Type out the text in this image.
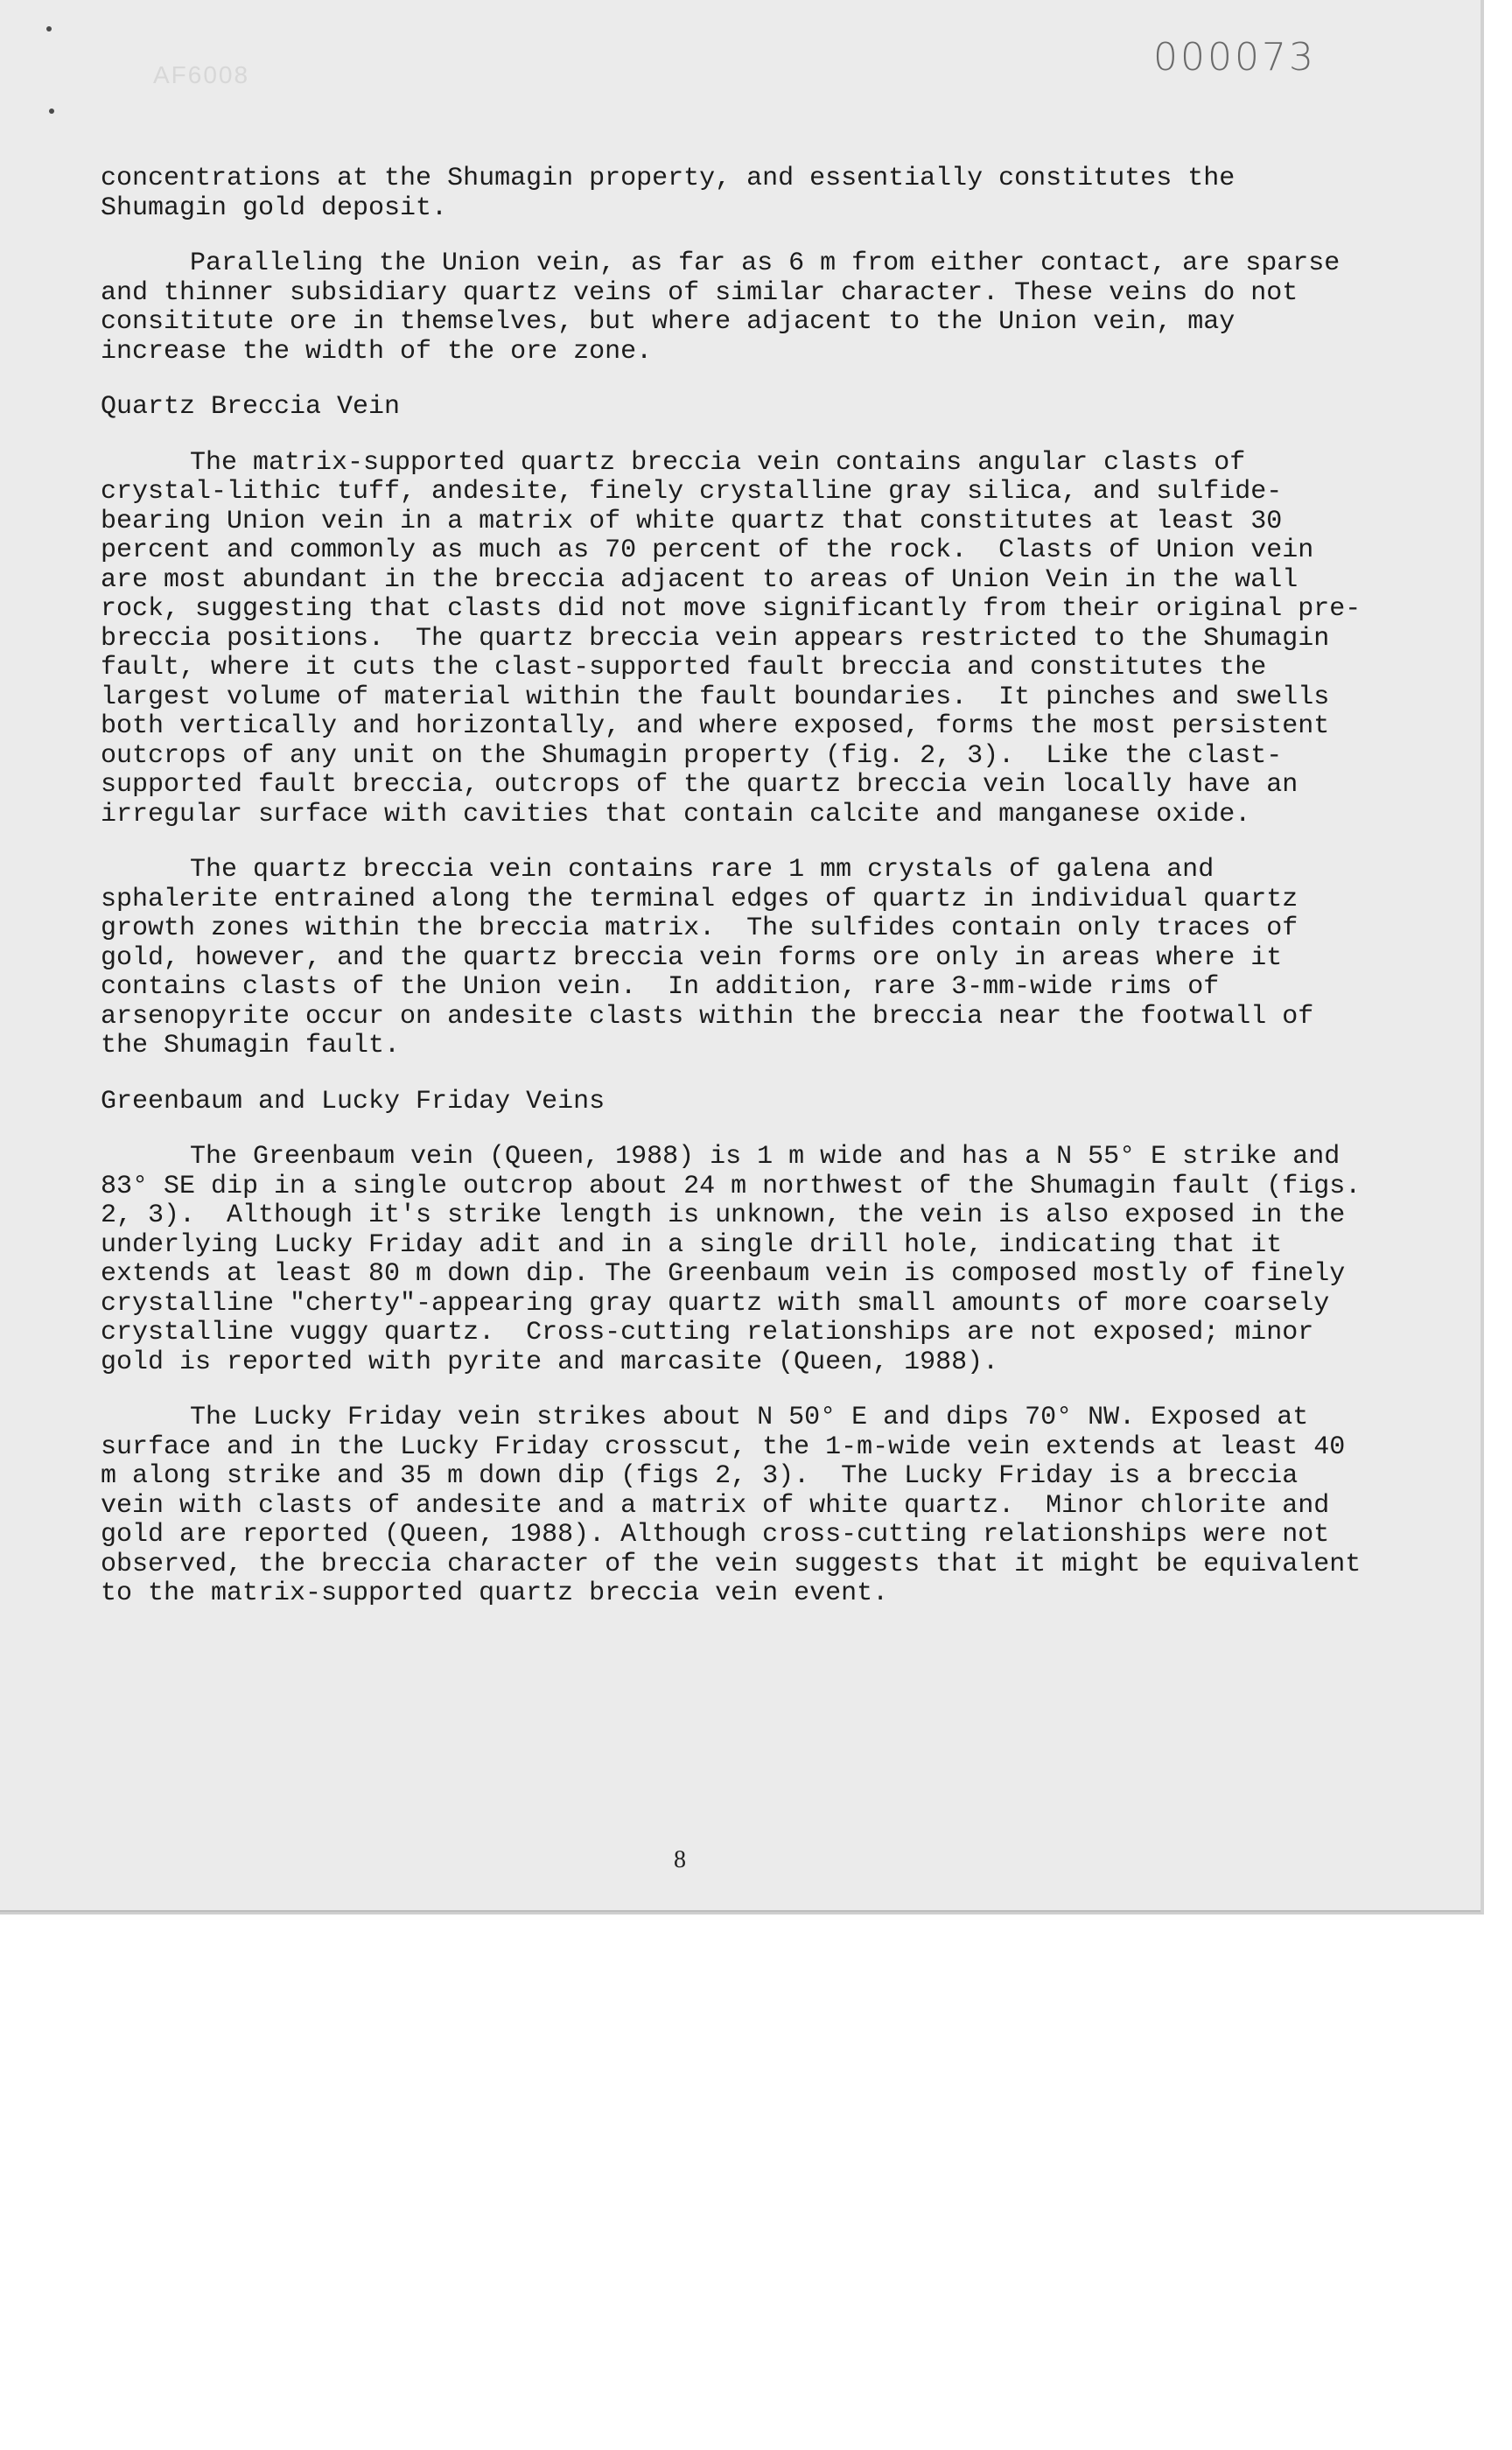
AF6008	000073

concentrations at the Shumagin property, and essentially constitutes the Shumagin gold deposit.

Paralleling the Union vein, as far as 6 m from either contact, are sparse and thinner subsidiary quartz veins of similar character. These veins do not consititute ore in themselves, but where adjacent to the Union vein, may increase the width of the ore zone.

Quartz Breccia Vein

The matrix-supported quartz breccia vein contains angular clasts of crystal-lithic tuff, andesite, finely crystalline gray silica, and sulfide-bearing Union vein in a matrix of white quartz that constitutes at least 30 percent and commonly as much as 70 percent of the rock.  Clasts of Union vein are most abundant in the breccia adjacent to areas of Union Vein in the wall rock, suggesting that clasts did not move significantly from their original pre-breccia positions.  The quartz breccia vein appears restricted to the Shumagin fault, where it cuts the clast-supported fault breccia and constitutes the largest volume of material within the fault boundaries.  It pinches and swells both vertically and horizontally, and where exposed, forms the most persistent outcrops of any unit on the Shumagin property (fig. 2, 3).  Like the clast-supported fault breccia, outcrops of the quartz breccia vein locally have an irregular surface with cavities that contain calcite and manganese oxide.

The quartz breccia vein contains rare 1 mm crystals of galena and sphalerite entrained along the terminal edges of quartz in individual quartz growth zones within the breccia matrix.  The sulfides contain only traces of gold, however, and the quartz breccia vein forms ore only in areas where it contains clasts of the Union vein.  In addition, rare 3-mm-wide rims of arsenopyrite occur on andesite clasts within the breccia near the footwall of the Shumagin fault.

Greenbaum and Lucky Friday Veins

The Greenbaum vein (Queen, 1988) is 1 m wide and has a N 55° E strike and 83° SE dip in a single outcrop about 24 m northwest of the Shumagin fault (figs. 2, 3).  Although it's strike length is unknown, the vein is also exposed in the underlying Lucky Friday adit and in a single drill hole, indicating that it extends at least 80 m down dip. The Greenbaum vein is composed mostly of finely crystalline "cherty"-appearing gray quartz with small amounts of more coarsely crystalline vuggy quartz.  Cross-cutting relationships are not exposed; minor gold is reported with pyrite and marcasite (Queen, 1988).

The Lucky Friday vein strikes about N 50° E and dips 70° NW. Exposed at surface and in the Lucky Friday crosscut, the 1-m-wide vein extends at least 40 m along strike and 35 m down dip (figs 2, 3).  The Lucky Friday is a breccia vein with clasts of andesite and a matrix of white quartz.  Minor chlorite and gold are reported (Queen, 1988). Although cross-cutting relationships were not observed, the breccia character of the vein suggests that it might be equivalent to the matrix-supported quartz breccia vein event.

8
